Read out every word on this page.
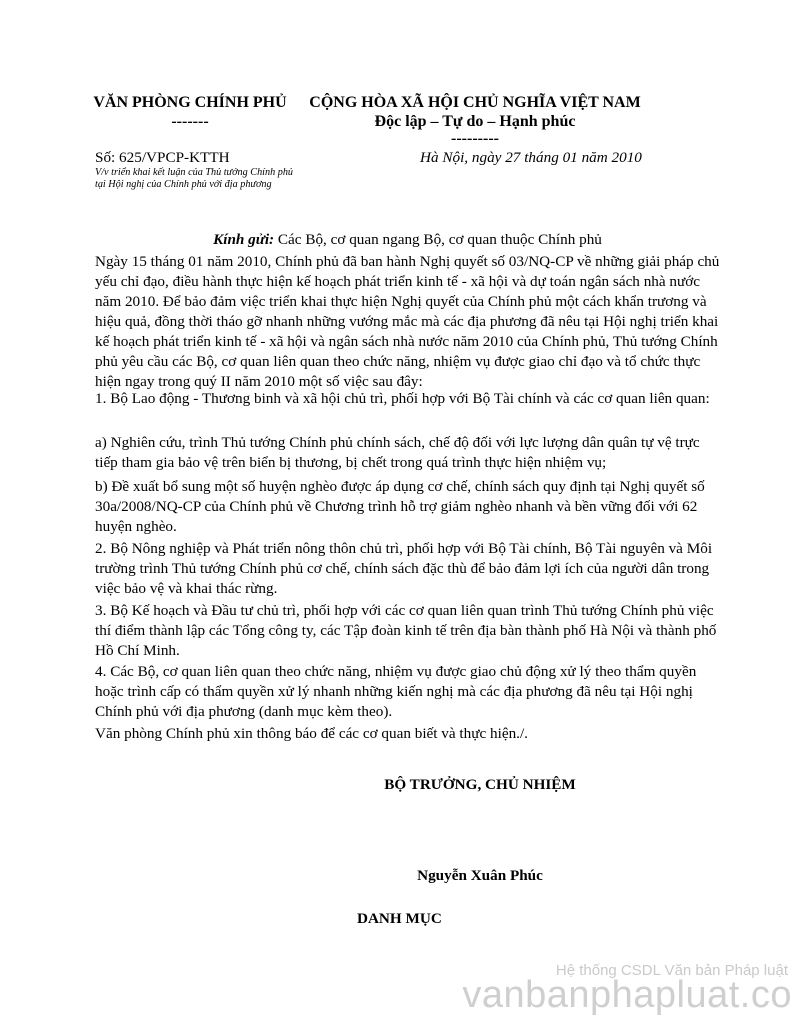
VĂN PHÒNG CHÍNH PHỦ
-------
CỘNG HÒA XÃ HỘI CHỦ NGHĨA VIỆT NAM
Độc lập – Tự do – Hạnh phúc
---------
Số: 625/VPCP-KTTH
V/v triển khai kết luận của Thủ tướng Chính phủ tại Hội nghị của Chính phủ với địa phương
Hà Nội, ngày 27 tháng 01 năm 2010
Kính gửi: Các Bộ, cơ quan ngang Bộ, cơ quan thuộc Chính phủ

Ngày 15 tháng 01 năm 2010, Chính phủ đã ban hành Nghị quyết số 03/NQ-CP về những giải pháp chủ yếu chỉ đạo, điều hành thực hiện kế hoạch phát triển kinh tế - xã hội và dự toán ngân sách nhà nước năm 2010. Để bảo đảm việc triển khai thực hiện Nghị quyết của Chính phủ một cách khẩn trương và hiệu quả, đồng thời tháo gỡ nhanh những vướng mắc mà các địa phương đã nêu tại Hội nghị triển khai kế hoạch phát triển kinh tế - xã hội và ngân sách nhà nước năm 2010 của Chính phủ, Thủ tướng Chính phủ yêu cầu các Bộ, cơ quan liên quan theo chức năng, nhiệm vụ được giao chỉ đạo và tổ chức thực hiện ngay trong quý II năm 2010 một số việc sau đây:

1. Bộ Lao động - Thương binh và xã hội chủ trì, phối hợp với Bộ Tài chính và các cơ quan liên quan:

a) Nghiên cứu, trình Thủ tướng Chính phủ chính sách, chế độ đối với lực lượng dân quân tự vệ trực tiếp tham gia bảo vệ trên biển bị thương, bị chết trong quá trình thực hiện nhiệm vụ;

b) Đề xuất bổ sung một số huyện nghèo được áp dụng cơ chế, chính sách quy định tại Nghị quyết số 30a/2008/NQ-CP của Chính phủ về Chương trình hỗ trợ giảm nghèo nhanh và bền vững đối với 62 huyện nghèo.

2. Bộ Nông nghiệp và Phát triển nông thôn chủ trì, phối hợp với Bộ Tài chính, Bộ Tài nguyên và Môi trường trình Thủ tướng Chính phủ cơ chế, chính sách đặc thù để bảo đảm lợi ích của người dân trong việc bảo vệ và khai thác rừng.

3. Bộ Kế hoạch và Đầu tư chủ trì, phối hợp với các cơ quan liên quan trình Thủ tướng Chính phủ việc thí điểm thành lập các Tổng công ty, các Tập đoàn kinh tế trên địa bàn thành phố Hà Nội và thành phố Hồ Chí Minh.

4. Các Bộ, cơ quan liên quan theo chức năng, nhiệm vụ được giao chủ động xử lý theo thẩm quyền hoặc trình cấp có thẩm quyền xử lý nhanh những kiến nghị mà các địa phương đã nêu tại Hội nghị Chính phủ với địa phương (danh mục kèm theo).

Văn phòng Chính phủ xin thông báo để các cơ quan biết và thực hiện./.

BỘ TRƯỞNG, CHỦ NHIỆM
Nguyễn Xuân Phúc
DANH MỤC
Hệ thống CSDL Văn bản Pháp luật
vanbanphapluat.co
